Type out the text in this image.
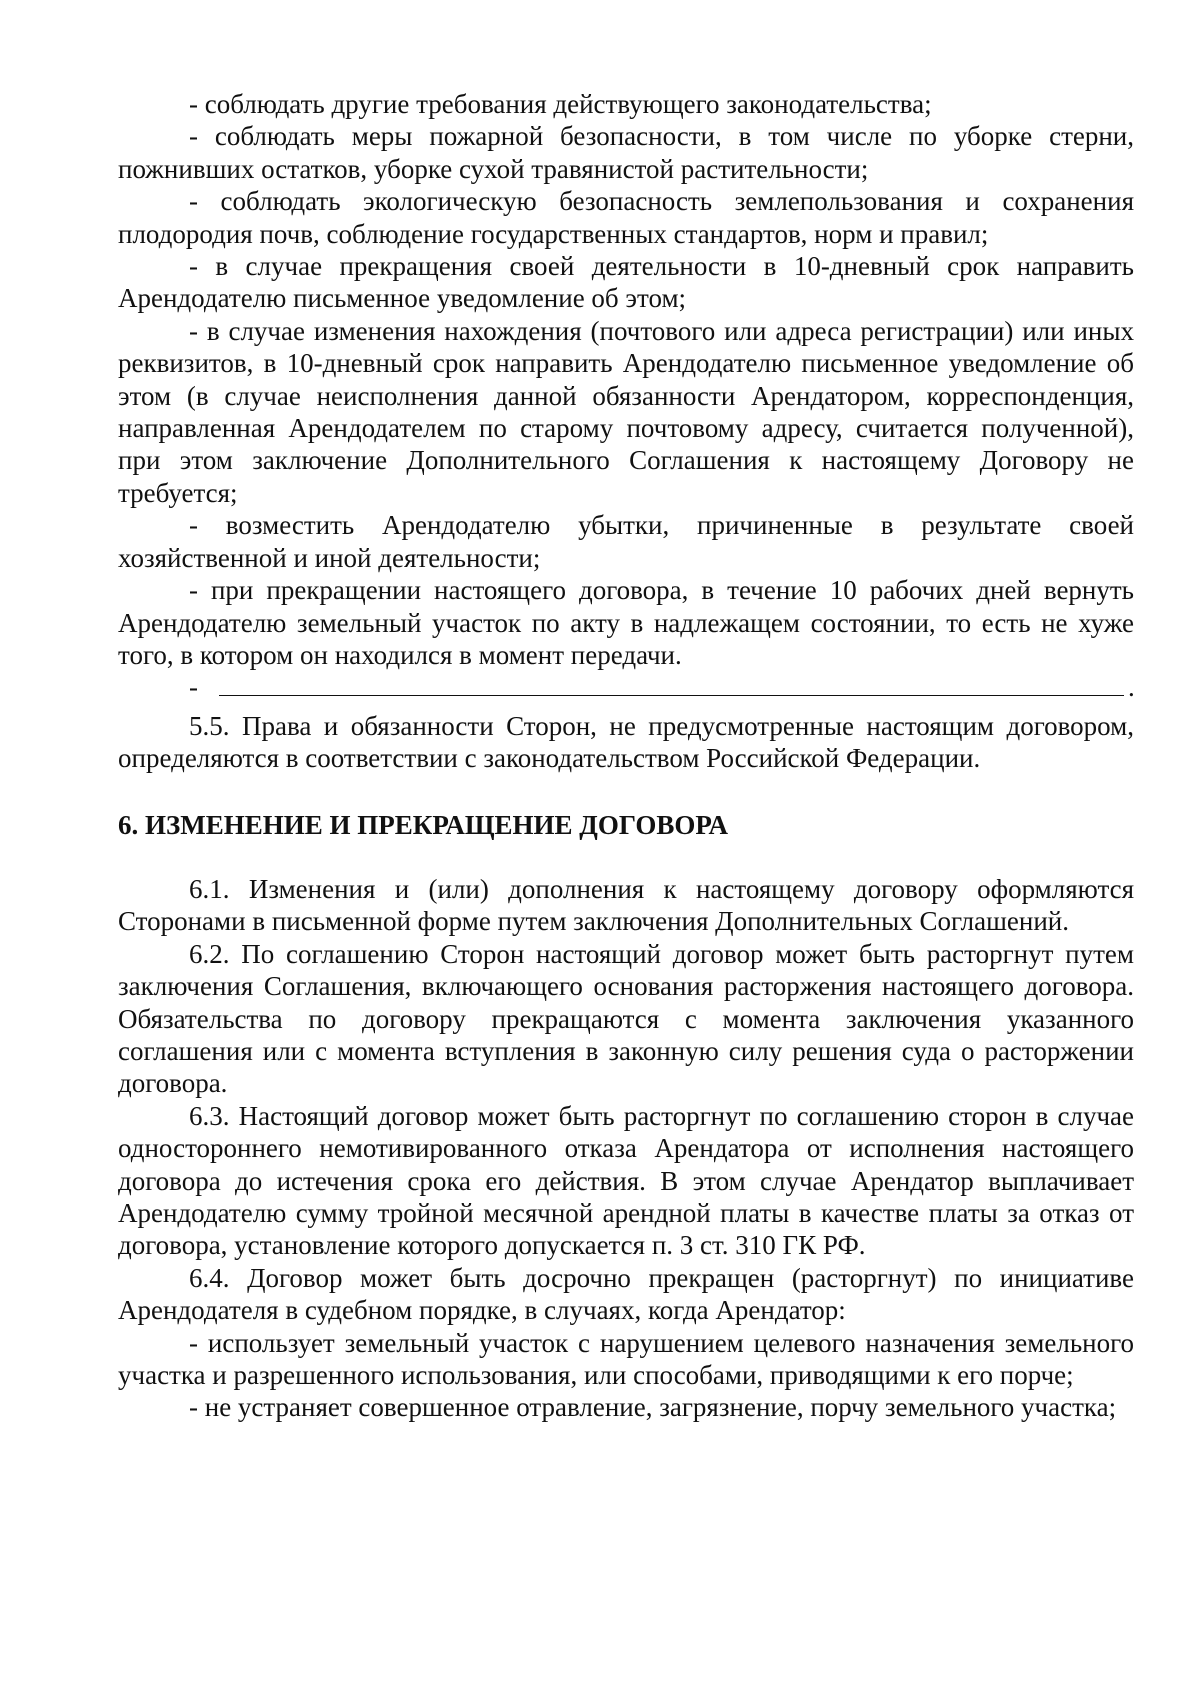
- соблюдать другие требования действующего законодательства;

- соблюдать меры пожарной безопасности, в том числе по уборке стерни, пожнивших остатков, уборке сухой травянистой растительности;

- соблюдать экологическую безопасность землепользования и сохранения плодородия почв, соблюдение государственных стандартов, норм и правил;

- в случае прекращения своей деятельности в 10-дневный срок направить Арендодателю письменное уведомление об этом;

- в случае изменения нахождения (почтового или адреса регистрации) или иных реквизитов, в 10-дневный срок направить Арендодателю письменное уведомление об этом (в случае неисполнения данной обязанности Арендатором, корреспонденция, направленная Арендодателем по старому почтовому адресу, считается полученной), при этом заключение Дополнительного Соглашения к настоящему Договору не требуется;

- возместить Арендодателю убытки, причиненные в результате своей хозяйственной и иной деятельности;

- при прекращении настоящего договора, в течение 10 рабочих дней вернуть Арендодателю земельный участок по акту в надлежащем состоянии, то есть не хуже того, в котором он находился в момент передачи.

-	.

5.5. Права и обязанности Сторон, не предусмотренные настоящим договором, определяются в соответствии с законодательством Российской Федерации.

6. ИЗМЕНЕНИЕ И ПРЕКРАЩЕНИЕ ДОГОВОРА

6.1. Изменения и (или) дополнения к настоящему договору оформляются Сторонами в письменной форме путем заключения Дополнительных Соглашений.

6.2. По соглашению Сторон настоящий договор может быть расторгнут путем заключения Соглашения, включающего основания расторжения настоящего договора. Обязательства по договору прекращаются с момента заключения указанного соглашения или с момента вступления в законную силу решения суда о расторжении договора.

6.3. Настоящий договор может быть расторгнут по соглашению сторон в случае одностороннего немотивированного отказа Арендатора от исполнения настоящего договора до истечения срока его действия. В этом случае Арендатор выплачивает Арендодателю сумму тройной месячной арендной платы в качестве платы за отказ от договора, установление которого допускается п. 3 ст. 310 ГК РФ.

6.4. Договор может быть досрочно прекращен (расторгнут) по инициативе Арендодателя в судебном порядке, в случаях, когда Арендатор:

- использует земельный участок с нарушением целевого назначения земельного участка и разрешенного использования, или способами, приводящими к его порче;

- не устраняет совершенное отравление, загрязнение, порчу земельного участка;
